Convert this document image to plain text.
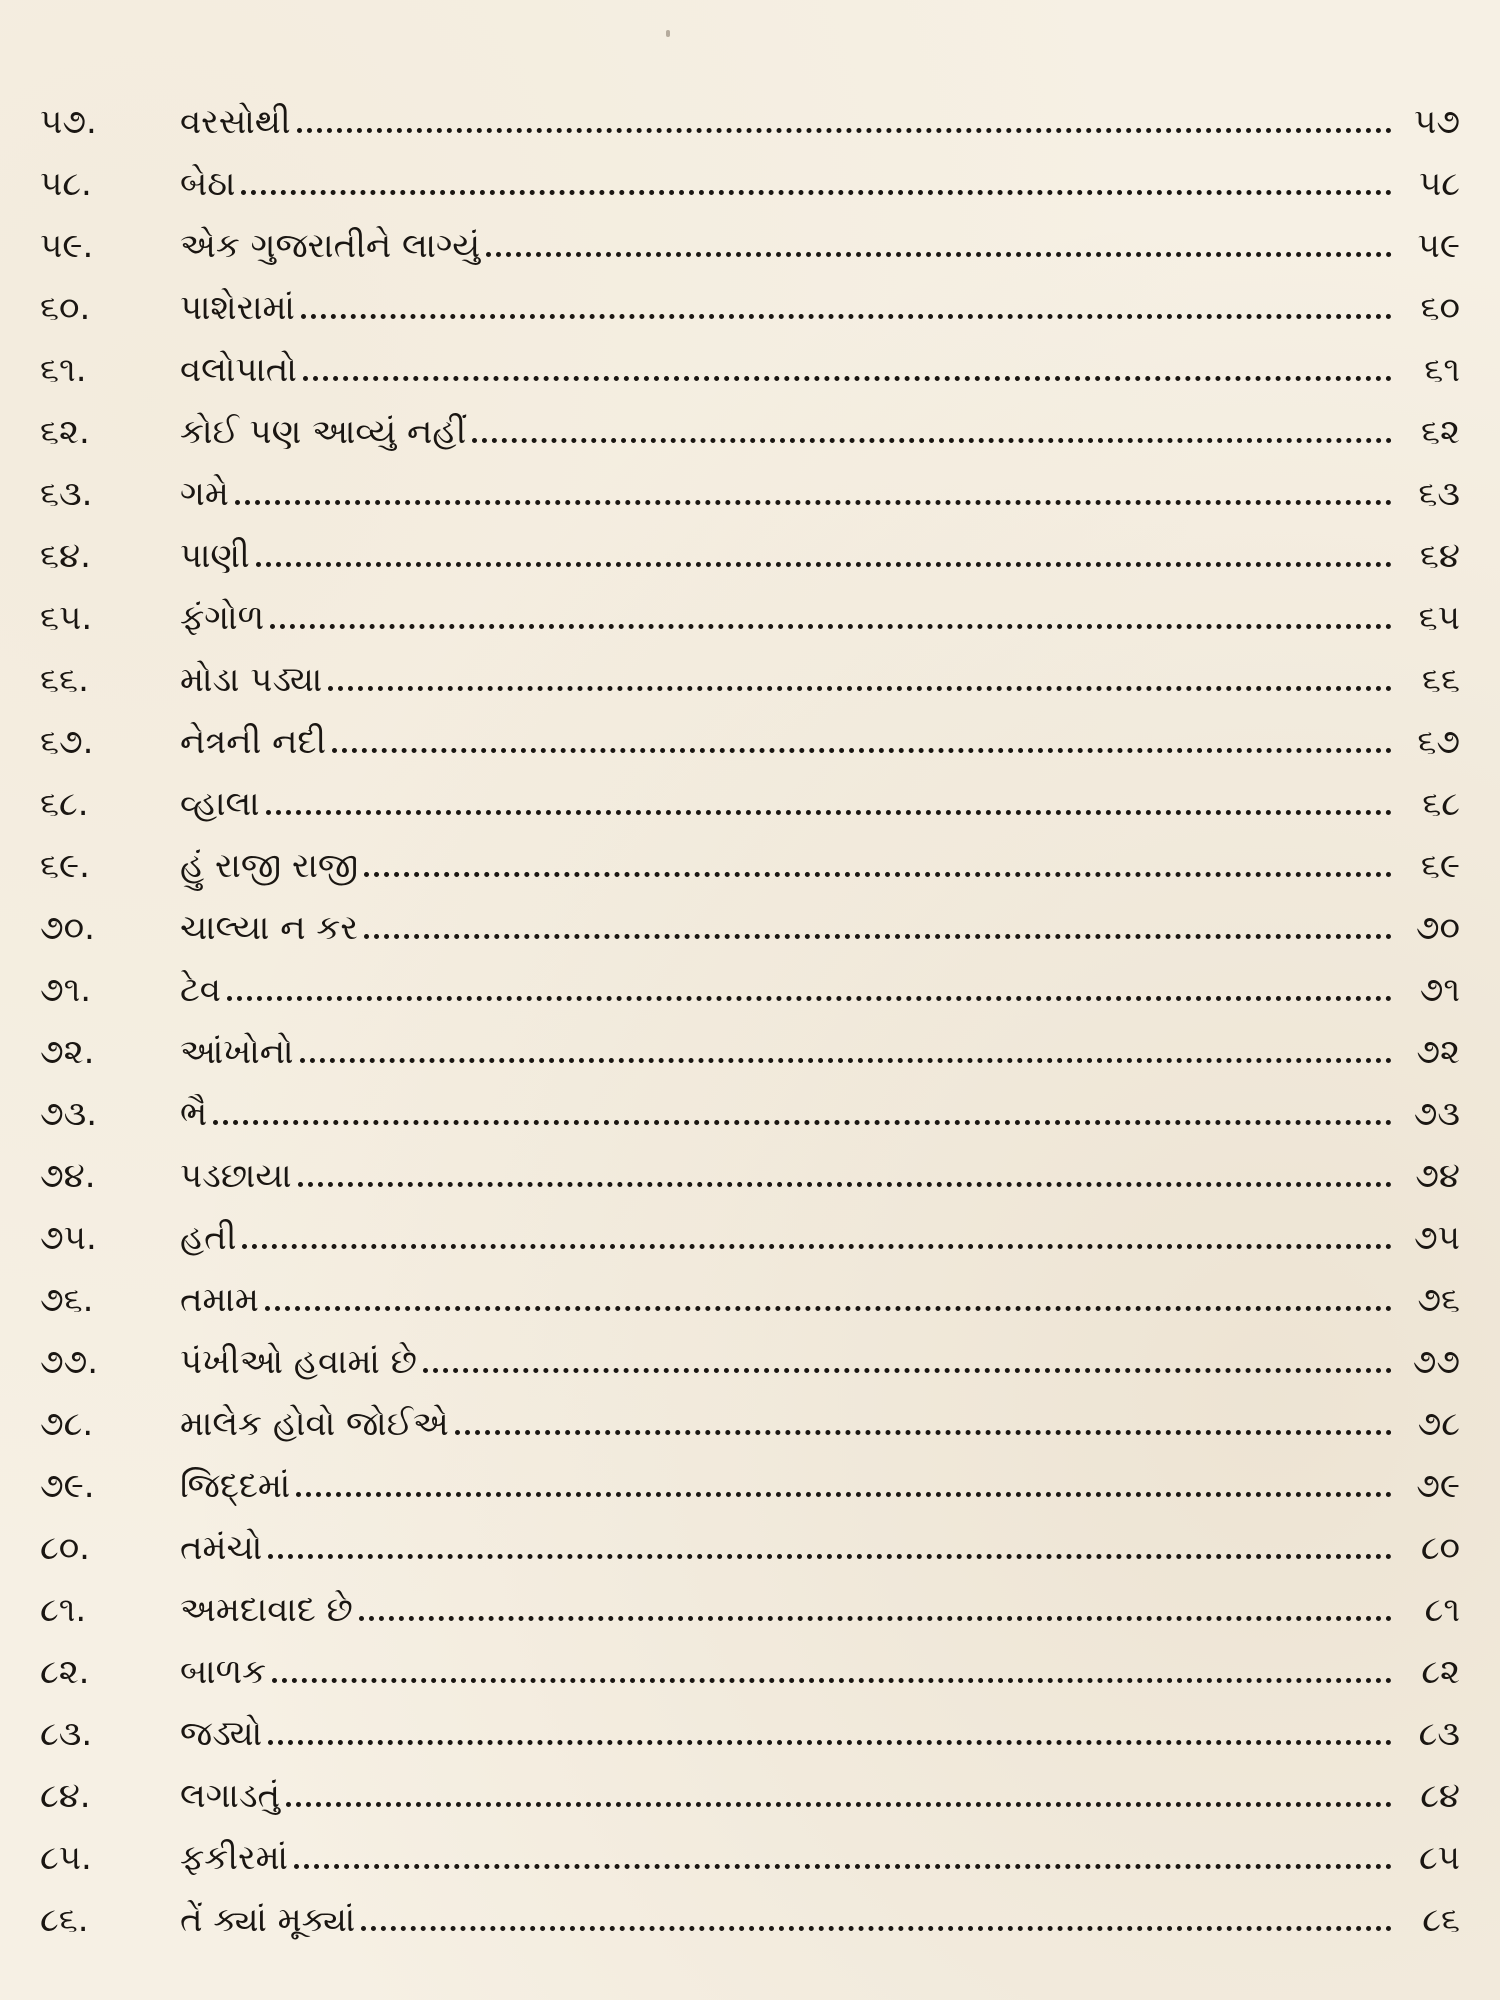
૫૭.	વરસોથી	૫૭
૫૮.	બેઠા	૫૮
૫૯.	એક ગુજરાતીને લાગ્યું	૫૯
૬૦.	પાશેરામાં	૬૦
૬૧.	વલોપાતો	૬૧
૬૨.	કોઈ પણ આવ્યું નહીં	૬૨
૬૩.	ગમે	૬૩
૬૪.	પાણી	૬૪
૬૫.	ફંગોળ	૬૫
૬૬.	મોડા પડ્યા	૬૬
૬૭.	નેત્રની નદી	૬૭
૬૮.	વ્હાલા	૬૮
૬૯.	હું રાજી રાજી	૬૯
૭૦.	ચાલ્યા ન કર	૭૦
૭૧.	ટેવ	૭૧
૭૨.	આંખોનો	૭૨
૭૩.	ભૈ	૭૩
૭૪.	પડછાયા	૭૪
૭૫.	હતી	૭૫
૭૬.	તમામ	૭૬
૭૭.	પંખીઓ હવામાં છે	૭૭
૭૮.	માલેક હોવો જોઈએ	૭૮
૭૯.	જિદ્દમાં	૭૯
૮૦.	તમંચો	૮૦
૮૧.	અમદાવાદ છે	૮૧
૮૨.	બાળક	૮૨
૮૩.	જડ્યો	૮૩
૮૪.	લગાડતું	૮૪
૮૫.	ફકીરમાં	૮૫
૮૬.	તેં ક્યાં મૂક્યાં	૮૬
